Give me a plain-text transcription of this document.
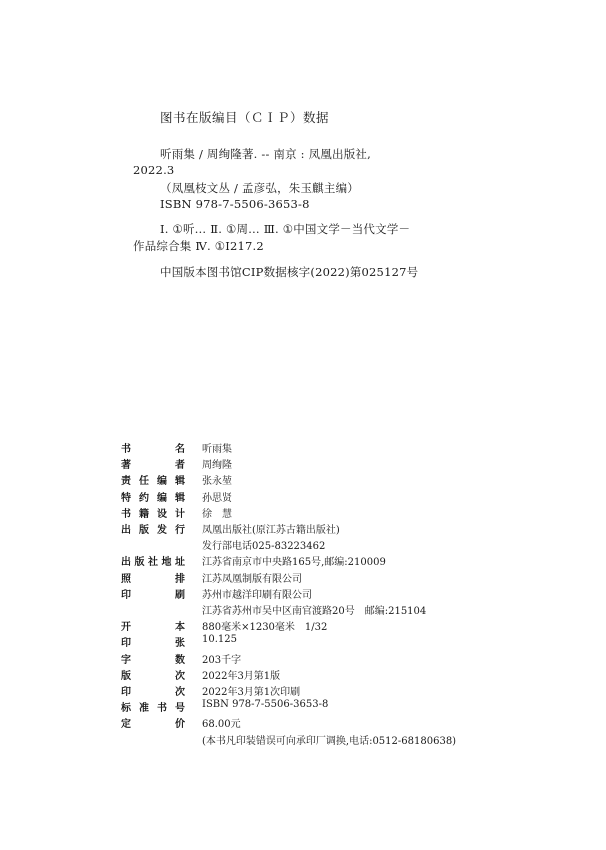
图书在版编目（ＣＩＰ）数据
听雨集 / 周绚隆著. -- 南京 : 凤凰出版社,
2022.3
（凤凰枝文丛 / 孟彦弘，朱玉麒主编）
ISBN 978-7-5506-3653-8
Ⅰ. ①听… Ⅱ. ①周… Ⅲ. ①中国文学－当代文学－
作品综合集 Ⅳ. ①I217.2
中国版本图书馆CIP数据核字(2022)第025127号
书	名 听雨集
著	者 周绚隆
责 任 编 辑 张永堃
特 约 编 辑 孙思贤
书 籍 设 计 徐　慧
出 版 发 行 凤凰出版社(原江苏古籍出版社)
发行部电话025-83223462
出 版 社 地 址 江苏省南京市中央路165号,邮编:210009
照	排 江苏凤凰制版有限公司
印	刷 苏州市越洋印刷有限公司
江苏省苏州市吴中区南官渡路20号　邮编:215104
开	本 880毫米×1230毫米　1/32
印	张 10.125
字	数 203千字
版	次 2022年3月第1版
印	次 2022年3月第1次印刷
标 准 书 号 ISBN 978-7-5506-3653-8
定	价 68.00元
(本书凡印装错误可向承印厂调换,电话:0512-68180638)
